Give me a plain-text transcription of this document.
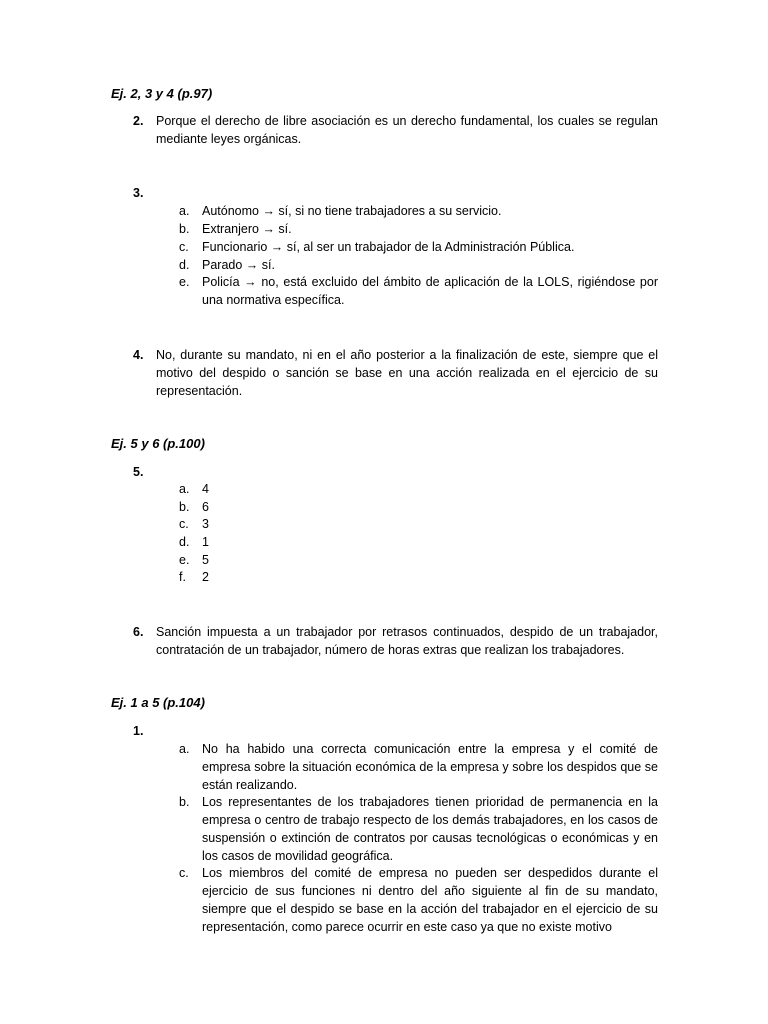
Ej. 2, 3 y 4 (p.97)
2. Porque el derecho de libre asociación es un derecho fundamental, los cuales se regulan mediante leyes orgánicas.
3.
a. Autónomo → sí, si no tiene trabajadores a su servicio.
b. Extranjero → sí.
c. Funcionario → sí, al ser un trabajador de la Administración Pública.
d. Parado → sí.
e. Policía → no, está excluido del ámbito de aplicación de la LOLS, rigiéndose por una normativa específica.
4. No, durante su mandato, ni en el año posterior a la finalización de este, siempre que el motivo del despido o sanción se base en una acción realizada en el ejercicio de su representación.
Ej. 5 y 6 (p.100)
5.
a. 4
b. 6
c. 3
d. 1
e. 5
f. 2
6. Sanción impuesta a un trabajador por retrasos continuados, despido de un trabajador, contratación de un trabajador, número de horas extras que realizan los trabajadores.
Ej. 1 a 5 (p.104)
1.
a. No ha habido una correcta comunicación entre la empresa y el comité de empresa sobre la situación económica de la empresa y sobre los despidos que se están realizando.
b. Los representantes de los trabajadores tienen prioridad de permanencia en la empresa o centro de trabajo respecto de los demás trabajadores, en los casos de suspensión o extinción de contratos por causas tecnológicas o económicas y en los casos de movilidad geográfica.
c. Los miembros del comité de empresa no pueden ser despedidos durante el ejercicio de sus funciones ni dentro del año siguiente al fin de su mandato, siempre que el despido se base en la acción del trabajador en el ejercicio de su representación, como parece ocurrir en este caso ya que no existe motivo
